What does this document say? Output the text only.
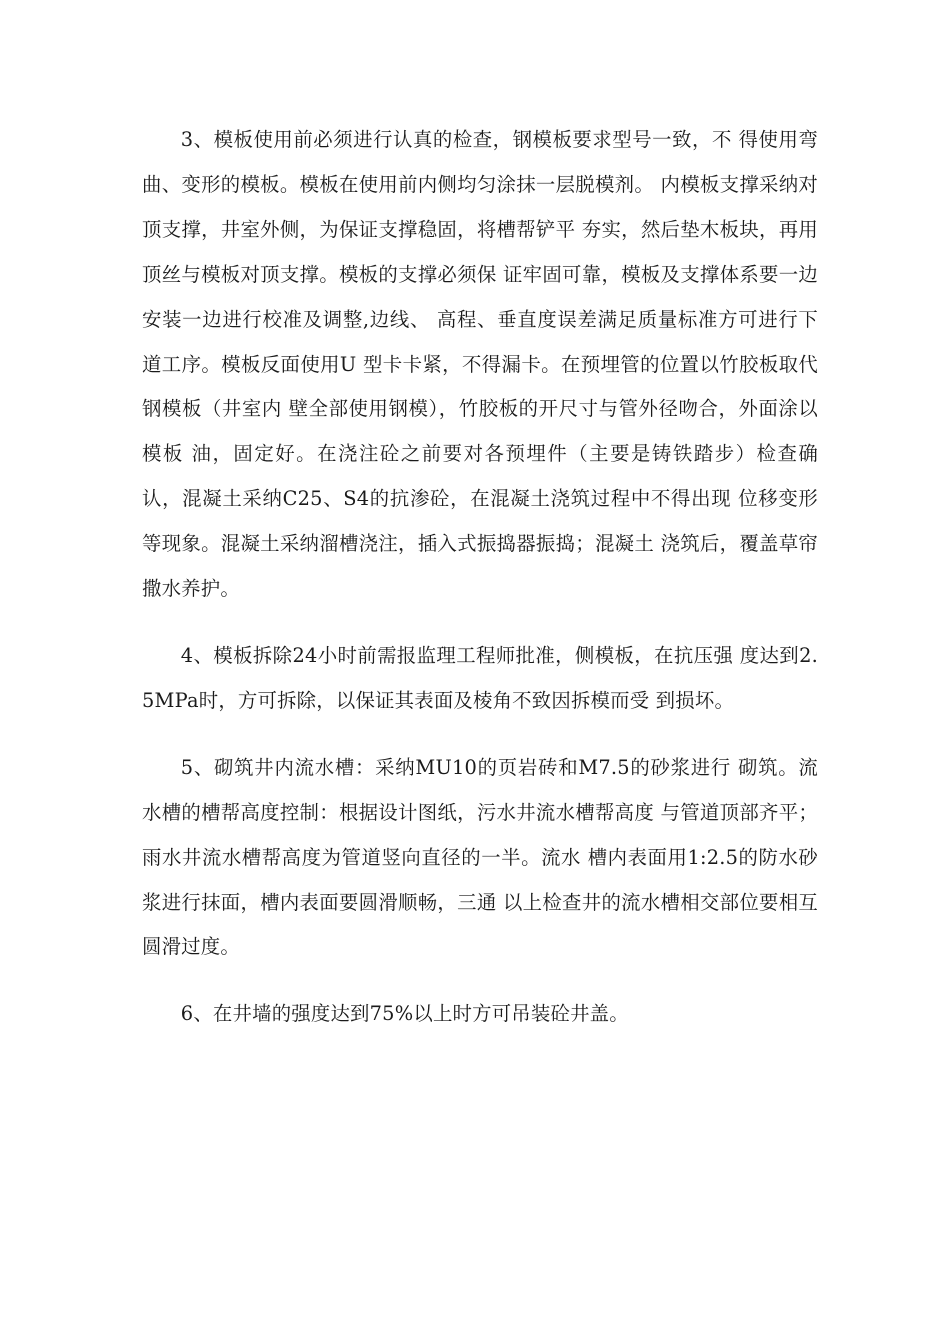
3、模板使用前必须进行认真的检查，钢模板要求型号一致，不 得使用弯曲、变形的模板。模板在使用前内侧均匀涂抹一层脱模剂。 内模板支撑采纳对顶支撑，井室外侧，为保证支撑稳固，将槽帮铲平 夯实，然后垫木板块，再用顶丝与模板对顶支撑。模板的支撑必须保 证牢固可靠，模板及支撑体系要一边安装一边进行校准及调整,边线、 高程、垂直度误差满足质量标准方可进行下道工序。模板反面使用U 型卡卡紧，不得漏卡。在预埋管的位置以竹胶板取代钢模板（井室内 壁全部使用钢模），竹胶板的开尺寸与管外径吻合，外面涂以模板 油，固定好。在浇注砼之前要对各预埋件（主要是铸铁踏步）检查确 认，混凝土采纳C25、S4的抗渗砼，在混凝土浇筑过程中不得出现 位移变形等现象。混凝土采纳溜槽浇注，插入式振捣器振捣；混凝土 浇筑后，覆盖草帘撒水养护。

4、模板拆除24小时前需报监理工程师批准，侧模板，在抗压强 度达到2.5MPa时，方可拆除，以保证其表面及棱角不致因拆模而受 到损坏。

5、砌筑井内流水槽：采纳MU10的页岩砖和M7.5的砂浆进行 砌筑。流水槽的槽帮高度控制：根据设计图纸，污水井流水槽帮高度 与管道顶部齐平；雨水井流水槽帮高度为管道竖向直径的一半。流水 槽内表面用1:2.5的防水砂浆进行抹面，槽内表面要圆滑顺畅，三通 以上检查井的流水槽相交部位要相互圆滑过度。

6、在井墙的强度达到75%以上时方可吊装砼井盖。
